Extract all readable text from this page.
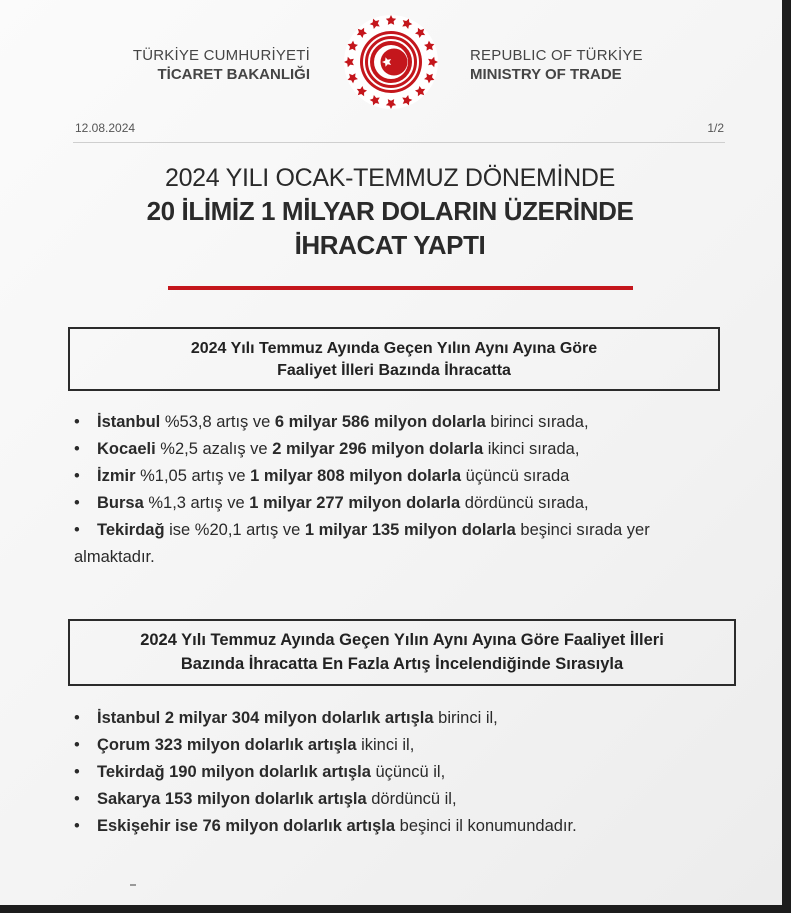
TÜRKİYE CUMHURİYETİ
TİCARET BAKANLIĞI
REPUBLIC OF TÜRKİYE
MINISTRY OF TRADE
12.08.2024	1/2
2024 YILI OCAK-TEMMUZ DÖNEMİNDE
20 İLİMİZ 1 MİLYAR DOLARIN ÜZERİNDE
İHRACAT YAPTI
2024 Yılı Temmuz Ayında Geçen Yılın Aynı Ayına Göre
Faaliyet İlleri Bazında İhracatta
•	İstanbul %53,8 artış ve 6 milyar 586 milyon dolarla birinci sırada,
•	Kocaeli %2,5 azalış ve 2 milyar 296 milyon dolarla ikinci sırada,
•	İzmir %1,05 artış ve 1 milyar 808 milyon dolarla üçüncü sırada
•	Bursa %1,3 artış ve 1 milyar 277 milyon dolarla dördüncü sırada,
• Tekirdağ ise %20,1 artış ve 1 milyar 135 milyon dolarla beşinci sırada yer almaktadır.
2024 Yılı Temmuz Ayında Geçen Yılın Aynı Ayına Göre Faaliyet İlleri
Bazında İhracatta En Fazla Artış İncelendiğinde Sırasıyla
•	İstanbul 2 milyar 304 milyon dolarlık artışla birinci il,
•	Çorum 323 milyon dolarlık artışla ikinci il,
•	Tekirdağ 190 milyon dolarlık artışla üçüncü il,
•	Sakarya 153 milyon dolarlık artışla dördüncü il,
•	Eskişehir ise 76 milyon dolarlık artışla beşinci il konumundadır.
